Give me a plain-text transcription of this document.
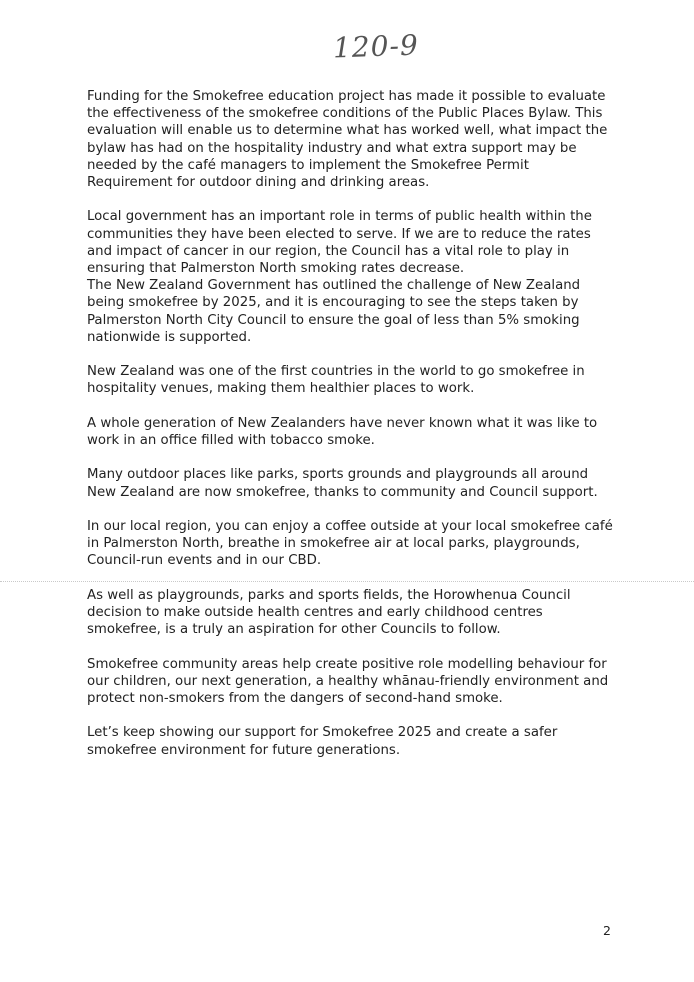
120-9

Funding for the Smokefree education project has made it possible to evaluate the effectiveness of the smokefree conditions of the Public Places Bylaw. This evaluation will enable us to determine what has worked well, what impact the bylaw has had on the hospitality industry and what extra support may be needed by the café managers to implement the Smokefree Permit Requirement for outdoor dining and drinking areas.

Local government has an important role in terms of public health within the communities they have been elected to serve. If we are to reduce the rates and impact of cancer in our region, the Council has a vital role to play in ensuring that Palmerston North smoking rates decrease.

The New Zealand Government has outlined the challenge of New Zealand being smokefree by 2025, and it is encouraging to see the steps taken by Palmerston North City Council to ensure the goal of less than 5% smoking nationwide is supported.

New Zealand was one of the first countries in the world to go smokefree in hospitality venues, making them healthier places to work.

A whole generation of New Zealanders have never known what it was like to work in an office filled with tobacco smoke.

Many outdoor places like parks, sports grounds and playgrounds all around New Zealand are now smokefree, thanks to community and Council support.

In our local region, you can enjoy a coffee outside at your local smokefree café in Palmerston North, breathe in smokefree air at local parks, playgrounds, Council-run events and in our CBD.

As well as playgrounds, parks and sports fields, the Horowhenua Council decision to make outside health centres and early childhood centres smokefree, is a truly an aspiration for other Councils to follow.

Smokefree community areas help create positive role modelling behaviour for our children, our next generation, a healthy whānau-friendly environment and protect non-smokers from the dangers of second-hand smoke.

Let’s keep showing our support for Smokefree 2025 and create a safer smokefree environment for future generations.

2
